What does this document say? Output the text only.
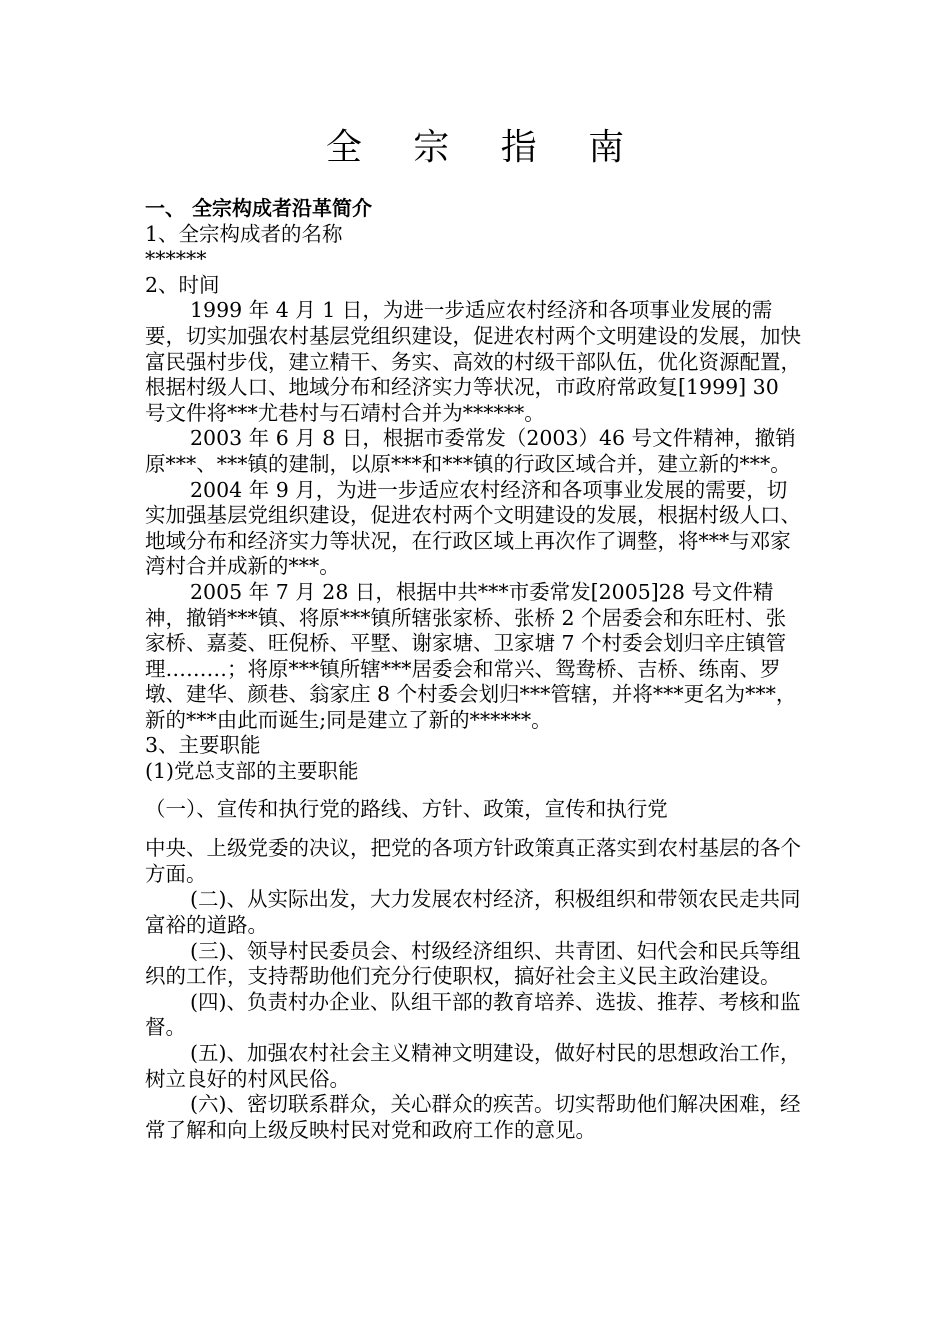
全 宗 指 南

一、 全宗构成者沿革简介

1、全宗构成者的名称

******

2、时间

1999 年 4 月 1 日，为进一步适应农村经济和各项事业发展的需要，切实加强农村基层党组织建设，促进农村两个文明建设的发展，加快富民强村步伐，建立精干、务实、高效的村级干部队伍，优化资源配置，根据村级人口、地域分布和经济实力等状况，市政府常政复[1999] 30 号文件将***尤巷村与石靖村合并为******。

2003 年 6 月 8 日，根据市委常发（2003）46 号文件精神，撤销原***、***镇的建制，以原***和***镇的行政区域合并，建立新的***。

2004 年 9 月，为进一步适应农村经济和各项事业发展的需要，切实加强基层党组织建设，促进农村两个文明建设的发展，根据村级人口、地域分布和经济实力等状况，在行政区域上再次作了调整，将***与邓家湾村合并成新的***。

2005 年 7 月 28 日，根据中共***市委常发[2005]28 号文件精神，撤销***镇、将原***镇所辖张家桥、张桥 2 个居委会和东旺村、张家桥、嘉菱、旺倪桥、平墅、谢家塘、卫家塘 7 个村委会划归辛庄镇管理………；将原***镇所辖***居委会和常兴、鸳鸯桥、吉桥、练南、罗墩、建华、颜巷、翁家庄 8 个村委会划归***管辖，并将***更名为***，新的***由此而诞生;同是建立了新的******。

3、主要职能

(1)党总支部的主要职能

（一）、宣传和执行党的路线、方针、政策，宣传和执行党

中央、上级党委的决议，把党的各项方针政策真正落实到农村基层的各个方面。

(二)、从实际出发，大力发展农村经济，积极组织和带领农民走共同富裕的道路。

(三)、领导村民委员会、村级经济组织、共青团、妇代会和民兵等组织的工作，支持帮助他们充分行使职权，搞好社会主义民主政治建设。

(四)、负责村办企业、队组干部的教育培养、选拔、推荐、考核和监督。

(五)、加强农村社会主义精神文明建设，做好村民的思想政治工作，树立良好的村风民俗。

(六)、密切联系群众，关心群众的疾苦。切实帮助他们解决困难，经常了解和向上级反映村民对党和政府工作的意见。
